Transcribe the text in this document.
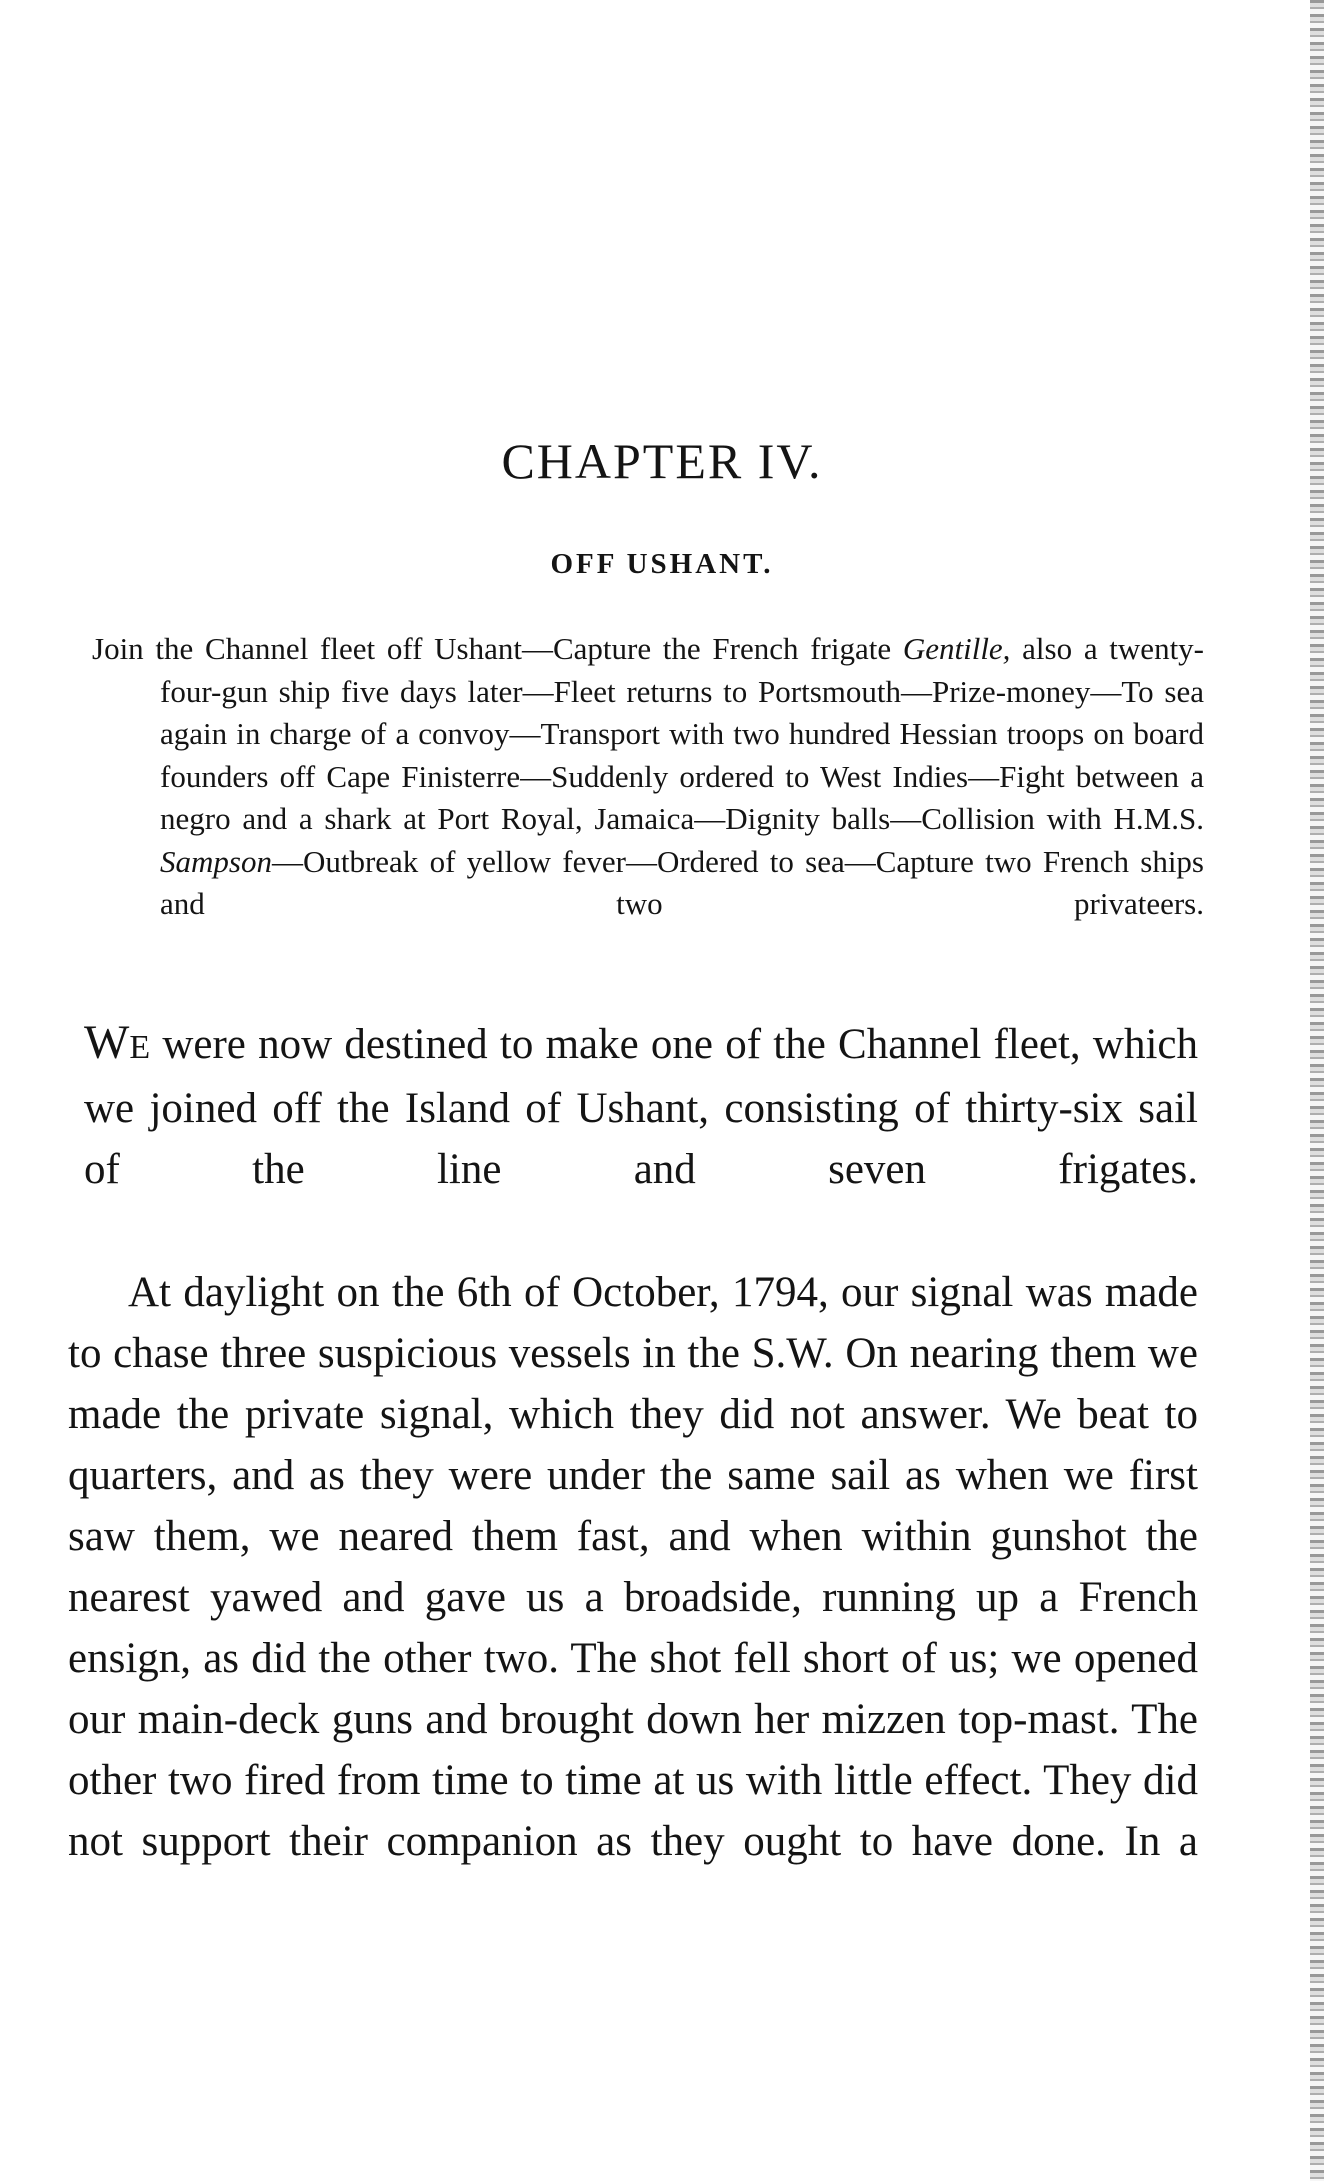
CHAPTER IV.
OFF USHANT.

Join the Channel fleet off Ushant—Capture the French frigate Gentille, also a twenty-four-gun ship five days later—Fleet returns to Portsmouth—Prize-money—To sea again in charge of a convoy—Transport with two hundred Hessian troops on board founders off Cape Finisterre—Suddenly ordered to West Indies—Fight between a negro and a shark at Port Royal, Jamaica—Dignity balls—Collision with H.M.S. Sampson—Outbreak of yellow fever—Ordered to sea—Capture two French ships and two privateers.

WE were now destined to make one of the Channel fleet, which we joined off the Island of Ushant, consisting of thirty-six sail of the line and seven frigates.

At daylight on the 6th of October, 1794, our signal was made to chase three suspicious vessels in the S.W. On nearing them we made the private signal, which they did not answer. We beat to quarters, and as they were under the same sail as when we first saw them, we neared them fast, and when within gunshot the nearest yawed and gave us a broadside, running up a French ensign, as did the other two. The shot fell short of us; we opened our main-deck guns and brought down her mizzen top-mast. The other two fired from time to time at us with little effect. They did not support their companion as they ought to have done. In a
